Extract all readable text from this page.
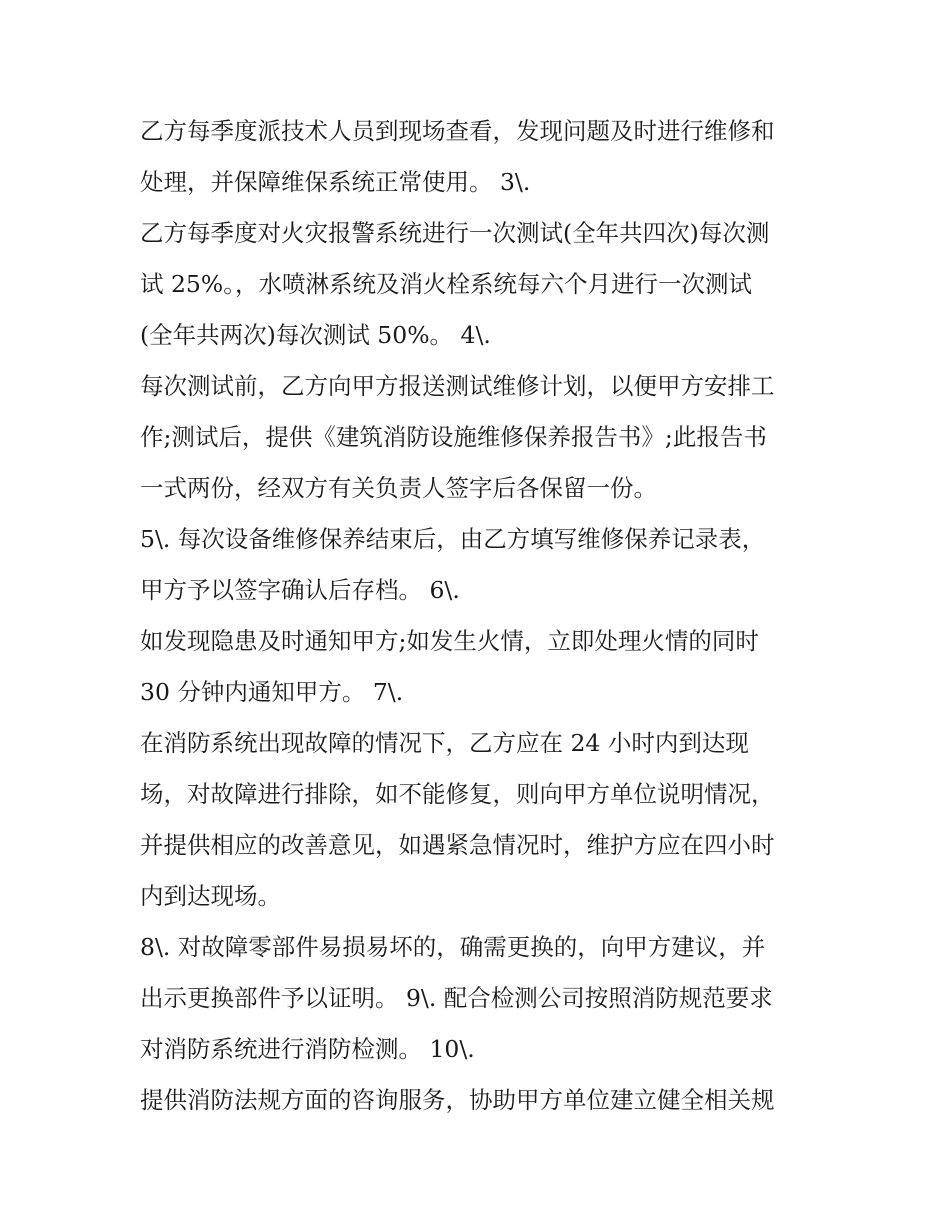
乙方每季度派技术人员到现场查看，发现问题及时进行维修和
处理，并保障维保系统正常使用。 3\.
乙方每季度对火灾报警系统进行一次测试(全年共四次)每次测
试 25%。，水喷淋系统及消火栓系统每六个月进行一次测试
(全年共两次)每次测试 50%。 4\.
每次测试前，乙方向甲方报送测试维修计划，以便甲方安排工
作;测试后，提供《建筑消防设施维修保养报告书》;此报告书
一式两份，经双方有关负责人签字后各保留一份。
5\. 每次设备维修保养结束后，由乙方填写维修保养记录表，
甲方予以签字确认后存档。 6\.
如发现隐患及时通知甲方;如发生火情，立即处理火情的同时
30 分钟内通知甲方。 7\.
在消防系统出现故障的情况下，乙方应在 24 小时内到达现
场，对故障进行排除，如不能修复，则向甲方单位说明情况，
并提供相应的改善意见，如遇紧急情况时，维护方应在四小时
内到达现场。
8\. 对故障零部件易损易坏的，确需更换的，向甲方建议，并
出示更换部件予以证明。 9\. 配合检测公司按照消防规范要求
对消防系统进行消防检测。 10\.
提供消防法规方面的咨询服务，协助甲方单位建立健全相关规
